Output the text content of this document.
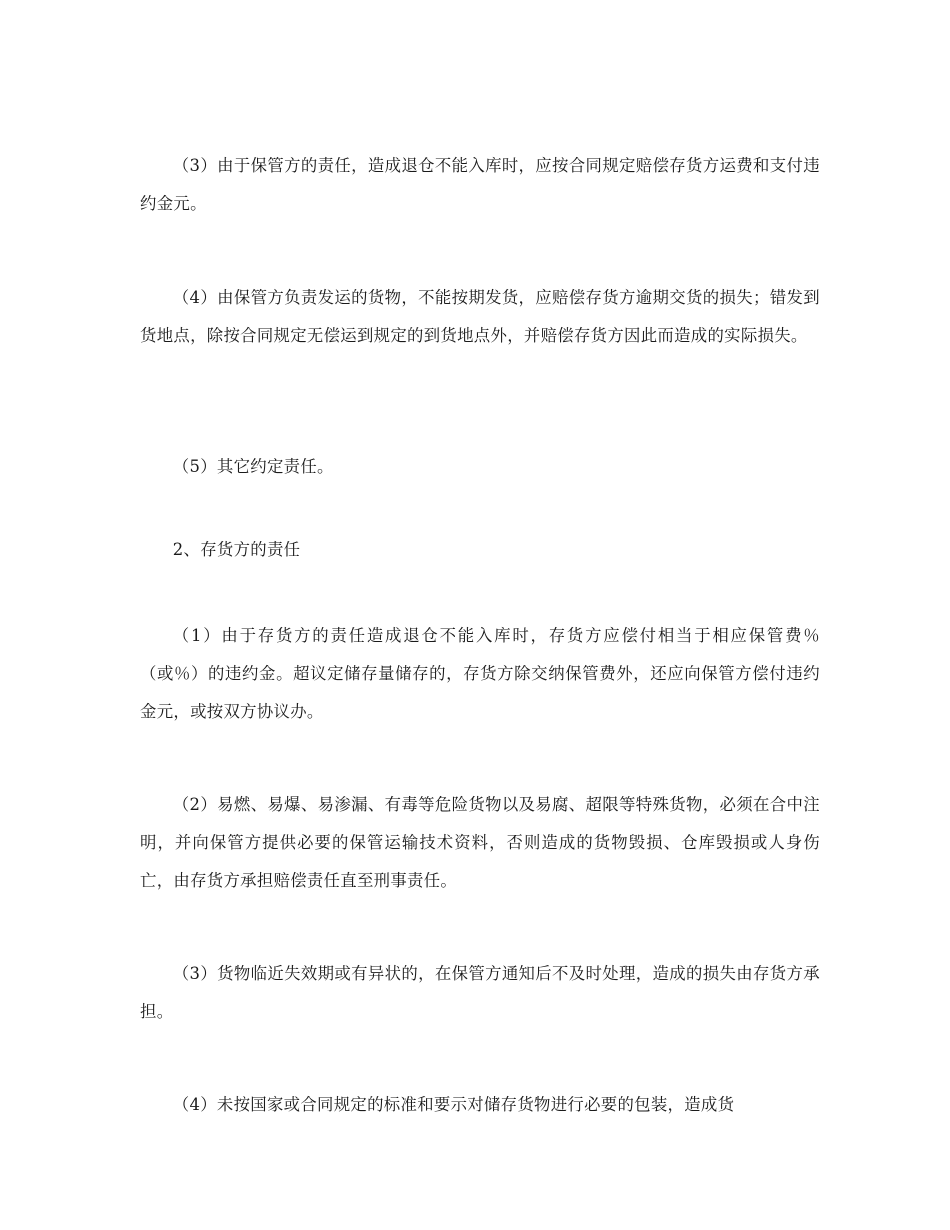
（3）由于保管方的责任，造成退仓不能入库时，应按合同规定赔偿存货方运费和支付违约金元。

（4）由保管方负责发运的货物，不能按期发货，应赔偿存货方逾期交货的损失；错发到货地点，除按合同规定无偿运到规定的到货地点外，并赔偿存货方因此而造成的实际损失。

（5）其它约定责任。

2、存货方的责任

（1）由于存货方的责任造成退仓不能入库时，存货方应偿付相当于相应保管费％（或％）的违约金。超议定储存量储存的，存货方除交纳保管费外，还应向保管方偿付违约金元，或按双方协议办。

（2）易燃、易爆、易渗漏、有毒等危险货物以及易腐、超限等特殊货物，必须在合中注明，并向保管方提供必要的保管运输技术资料，否则造成的货物毁损、仓库毁损或人身伤亡，由存货方承担赔偿责任直至刑事责任。

（3）货物临近失效期或有异状的，在保管方通知后不及时处理，造成的损失由存货方承担。

（4）未按国家或合同规定的标准和要示对储存货物进行必要的包装，造成货
